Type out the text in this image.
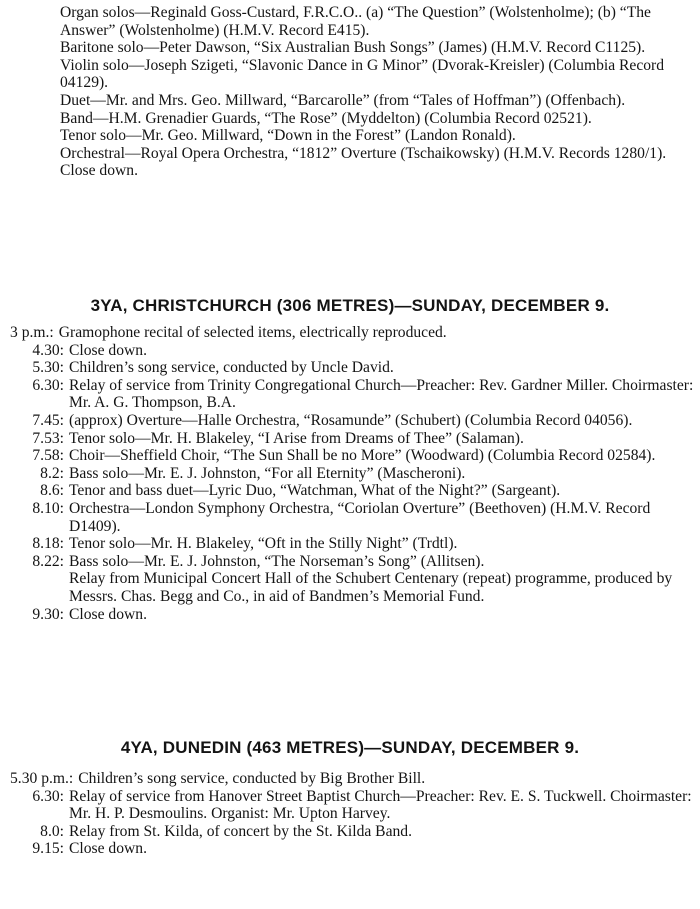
Organ solos—Reginald Goss-Custard, F.R.C.O.. (a) “The Question” (Wolstenholme); (b) “The Answer” (Wolstenholme) (H.M.V. Record E415).
Baritone solo—Peter Dawson, “Six Australian Bush Songs” (James) (H.M.V. Record C1125).
Violin solo—Joseph Szigeti, “Slavonic Dance in G Minor” (Dvorak-Kreisler) (Columbia Record 04129).
Duet—Mr. and Mrs. Geo. Millward, “Barcarolle” (from “Tales of Hoffman”) (Offenbach).
Band—H.M. Grenadier Guards, “The Rose” (Myddelton) (Columbia Record 02521).
Tenor solo—Mr. Geo. Millward, “Down in the Forest” (Landon Ronald).
Orchestral—Royal Opera Orchestra, “1812” Overture (Tschaikowsky) (H.M.V. Records 1280/1).
Close down.
3YA, CHRISTCHURCH (306 METRES)—SUNDAY, DECEMBER 9.
3 p.m.: Gramophone recital of selected items, electrically reproduced.
4.30: Close down.
5.30: Children’s song service, conducted by Uncle David.
6.30: Relay of service from Trinity Congregational Church—Preacher: Rev. Gardner Miller. Choirmaster: Mr. A. G. Thompson, B.A.
7.45: (approx) Overture—Halle Orchestra, “Rosamunde” (Schubert) (Columbia Record 04056).
7.53: Tenor solo—Mr. H. Blakeley, “I Arise from Dreams of Thee” (Salaman).
7.58: Choir—Sheffield Choir, “The Sun Shall be no More” (Woodward) (Columbia Record 02584).
8.2: Bass solo—Mr. E. J. Johnston, “For all Eternity” (Mascheroni).
8.6: Tenor and bass duet—Lyric Duo, “Watchman, What of the Night?” (Sargeant).
8.10: Orchestra—London Symphony Orchestra, “Coriolan Overture” (Beethoven) (H.M.V. Record D1409).
8.18: Tenor solo—Mr. H. Blakeley, “Oft in the Stilly Night” (Trdtl).
8.22: Bass solo—Mr. E. J. Johnston, “The Norseman’s Song” (Allitsen).
Relay from Municipal Concert Hall of the Schubert Centenary (repeat) programme, produced by Messrs. Chas. Begg and Co., in aid of Bandmen’s Memorial Fund.
9.30: Close down.
4YA, DUNEDIN (463 METRES)—SUNDAY, DECEMBER 9.
5.30 p.m.: Children’s song service, conducted by Big Brother Bill.
6.30: Relay of service from Hanover Street Baptist Church—Preacher: Rev. E. S. Tuckwell. Choirmaster: Mr. H. P. Desmoulins. Organist: Mr. Upton Harvey.
8.0: Relay from St. Kilda, of concert by the St. Kilda Band.
9.15: Close down.
